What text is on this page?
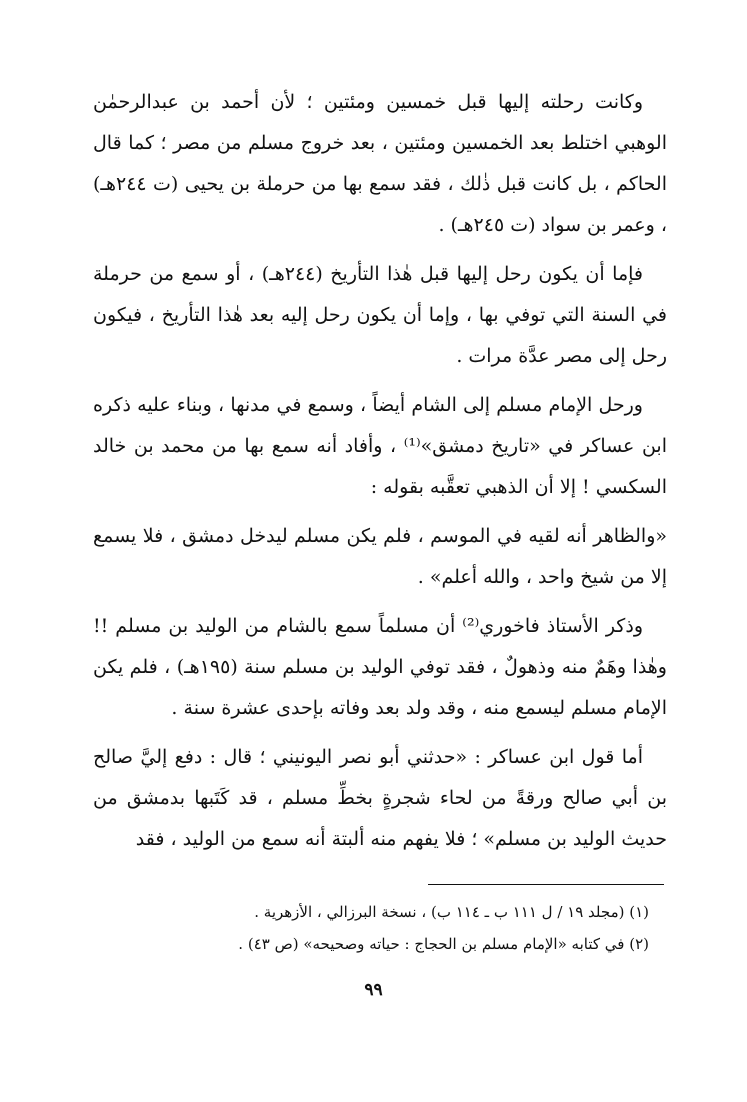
وكانت رحلته إليها قبل خمسين ومئتين ؛ لأن أحمد بن عبدالرحمٰن الوهبي اختلط بعد الخمسين ومئتين ، بعد خروج مسلم من مصر ؛ كما قال الحاكم ، بل كانت قبل ذٰلك ، فقد سمع بها من حرملة بن يحيى (ت ٢٤٤هـ) ، وعمر بن سواد (ت ٢٤٥هـ) .

فإما أن يكون رحل إليها قبل هٰذا التأريخ (٢٤٤هـ) ، أو سمع من حرملة في السنة التي توفي بها ، وإما أن يكون رحل إليه بعد هٰذا التأريخ ، فيكون رحل إلى مصر عدَّة مرات .

ورحل الإمام مسلم إلى الشام أيضاً ، وسمع في مدنها ، وبناء عليه ذكره ابن عساكر في «تاريخ دمشق»⁽¹⁾ ، وأفاد أنه سمع بها من محمد بن خالد السكسي ! إلا أن الذهبي تعقَّبه بقوله :

«والظاهر أنه لقيه في الموسم ، فلم يكن مسلم ليدخل دمشق ، فلا يسمع إلا من شيخ واحد ، والله أعلم» .

وذكر الأستاذ فاخوري⁽²⁾ أن مسلماً سمع بالشام من الوليد بن مسلم !! وهٰذا وهَمٌ منه وذهولٌ ، فقد توفي الوليد بن مسلم سنة (١٩٥هـ) ، فلم يكن الإمام مسلم ليسمع منه ، وقد ولد بعد وفاته بإحدى عشرة سنة .

أما قول ابن عساكر : «حدثني أبو نصر اليونيني ؛ قال : دفع إليَّ صالح بن أبي صالح ورقةً من لحاء شجرةٍ بخطِّ مسلم ، قد كَتَبها بدمشق من حديث الوليد بن مسلم» ؛ فلا يفهم منه ألبتة أنه سمع من الوليد ، فقد

(١) (مجلد ١٩ / ل ١١١ ب ـ ١١٤ ب) ، نسخة البرزالي ، الأزهرية .

(٢) في كتابه «الإمام مسلم بن الحجاج : حياته وصحيحه» (ص ٤٣) .

٩٩
